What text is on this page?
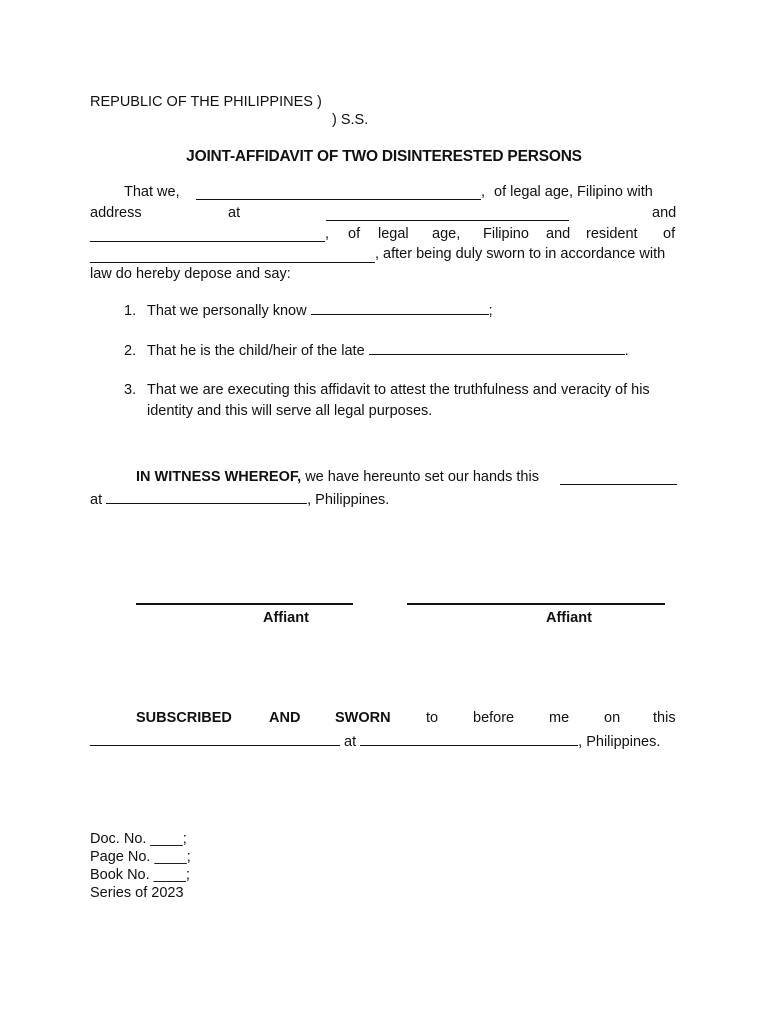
REPUBLIC OF THE PHILIPPINES )
) S.S.
JOINT-AFFIDAVIT OF TWO DISINTERESTED PERSONS
That we,	, of legal age, Filipino with
address	at	and
, of legal age, Filipino and resident of
, after being duly sworn to in accordance with
law do hereby depose and say:
1. That we personally know	;
2. That he is the child/heir of the late	.
3. That we are executing this affidavit to attest the truthfulness and veracity of his
identity and this will serve all legal purposes.
IN WITNESS WHEREOF, we have hereunto set our hands this
at	, Philippines.
Affiant	Affiant
SUBSCRIBED	AND SWORN to before me on this
at	, Philippines.
Doc. No. ____;
Page No. ____;
Book No. ____;
Series of 2023
